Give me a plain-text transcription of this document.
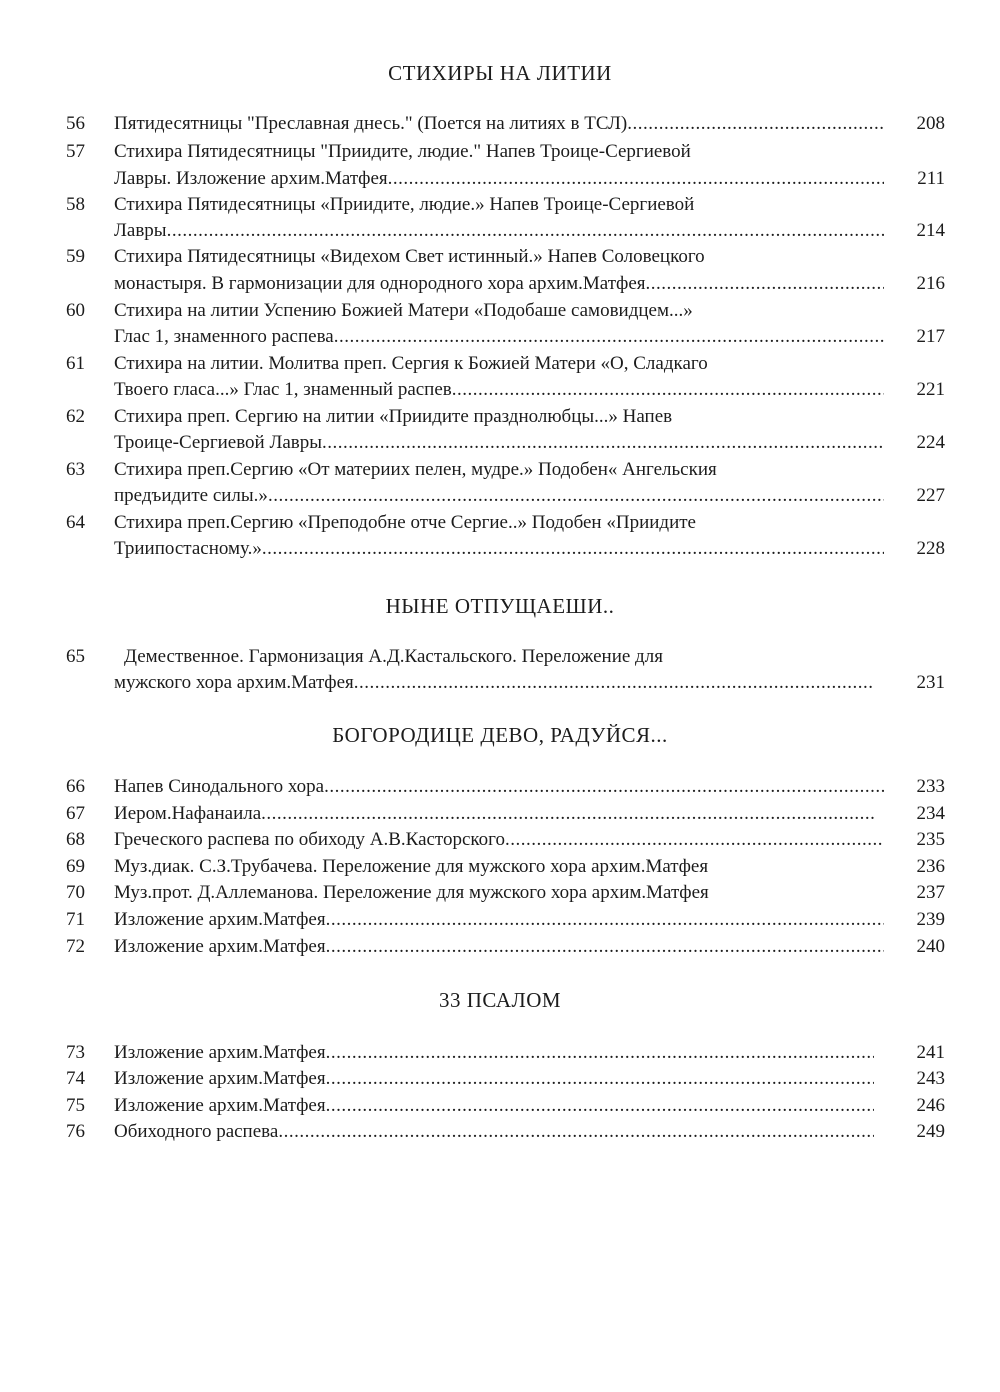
СТИХИРЫ НА ЛИТИИ
56	Пятидесятницы "Преславная днесь." (Поется на литиях в ТСЛ) .....	208
57	Стихира Пятидесятницы "Приидите, людие." Напев Троице-Сергиевой
Лавры. Изложение архим.Матфея .....	211
58	Стихира Пятидесятницы «Приидите, людие.» Напев Троице-Сергиевой
Лавры .....	214
59	Стихира Пятидесятницы «Видехом Свет истинный.» Напев Соловецкого
монастыря. В гармонизации для однородного хора архим.Матфея .....	216
60	Стихира на литии Успению Божией Матери «Подобаше самовидцем...»
Глас 1, знаменного распева .....	217
61	Стихира на литии. Молитва преп. Сергия к Божией Матери «О, Сладкаго
Твоего гласа...» Глас 1, знаменный распев .....	221
62	Стихира преп. Сергию на литии «Приидите празднолюбцы...» Напев
Троице-Сергиевой Лавры .....	224
63	Стихира преп.Сергию «От материих пелен, мудре.» Подобен« Ангельския
предъидите силы.» .....	227
64	Стихира преп.Сергию «Преподобне отче Сергие..» Подобен «Приидите
Триипостасному.» .....	228
НЫНЕ ОТПУЩАЕШИ..
65	Демественное. Гармонизация А.Д.Кастальского. Переложение для
мужского хора архим.Матфея .....	231
БОГОРОДИЦЕ ДЕВО, РАДУЙСЯ...
66	Напев Синодального хора .....	233
67	Иером.Нафанаила .....	234
68	Греческого распева по обиходу А.В.Касторского .....	235
69	Муз.диак. С.З.Трубачева. Переложение для мужского хора архим.Матфея	236
70	Муз.прот. Д.Аллеманова. Переложение для мужского хора архим.Матфея	237
71	Изложение архим.Матфея .....	239
72	Изложение архим.Матфея .....	240
33 ПСАЛОМ
73	Изложение архим.Матфея .....	241
74	Изложение архим.Матфея .....	243
75	Изложение архим.Матфея .....	246
76	Обиходного распева .....	249
